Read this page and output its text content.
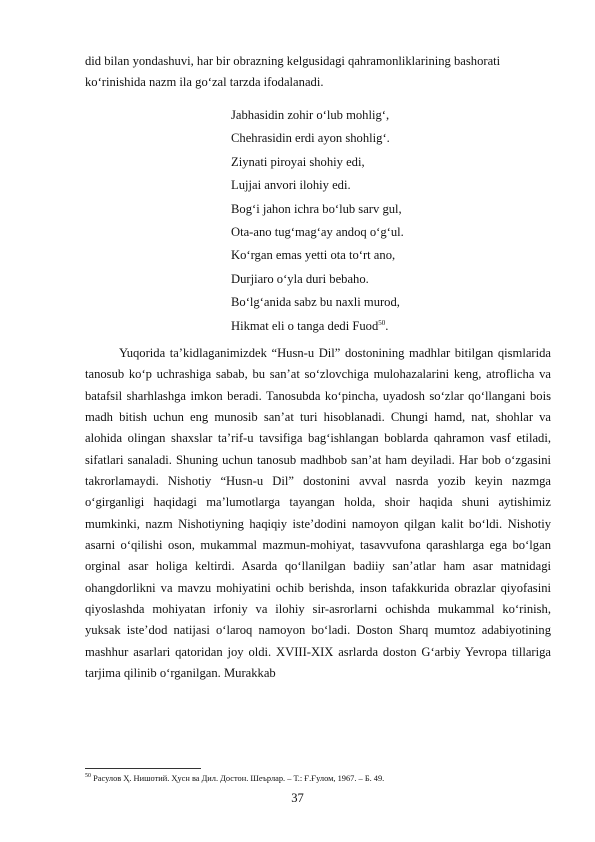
did bilan yondashuvi, har bir obrazning kelgusidagi qahramonliklarining bashorati
koʻrinishida nazm ila goʻzal tarzda ifodalanadi.
Jabhasidin zohir oʻlub mohligʻ,
Chehrasidin erdi ayon shohligʻ.
Ziynati piroyai shohiy edi,
Lujjai anvori ilohiy edi.
Bogʻi jahon ichra boʻlub sarv gul,
Ota-ano tugʻmagʻay andoq oʻgʻul.
Koʻrgan emas yetti ota toʻrt ano,
Durjiaro oʻyla duri bebaho.
Boʻlgʻanida sabz bu naxli murod,
Hikmat eli o tanga dedi Fuod$^{50}$.
Yuqorida ta’kidlaganimizdek “Husn-u Dil” dostonining madhlar bitilgan qismlarida tanosub koʻp uchrashiga sabab, bu san’at soʻzlovchiga mulohazalarini keng, atroflicha va batafsil sharhlashga imkon beradi. Tanosubda koʻpincha, uyadosh soʻzlar qoʻllangani bois madh bitish uchun eng munosib san’at turi hisoblanadi. Chungi hamd, nat, shohlar va alohida olingan shaxslar ta’rif-u tavsifiga bagʻishlangan boblarda qahramon vasf etiladi, sifatlari sanaladi. Shuning uchun tanosub madhbob san’at ham deyiladi. Har bob oʻzgasini takrorlamaydi. Nishotiy “Husn-u Dil” dostonini avval nasrda yozib keyin nazmga oʻgirganligi haqidagi ma’lumotlarga tayangan holda, shoir haqida shuni aytishimiz mumkinki, nazm Nishotiyning haqiqiy iste’dodini namoyon qilgan kalit boʻldi. Nishotiy asarni oʻqilishi oson, mukammal mazmun-mohiyat, tasavvufona qarashlarga ega boʻlgan orginal asar holiga keltirdi. Asarda qoʻllanilgan badiiy san’atlar ham asar matnidagi ohangdorlikni va mavzu mohiyatini ochib berishda, inson tafakkurida obrazlar qiyofasini qiyoslashda mohiyatan irfoniy va ilohiy sir-asrorlarni ochishda mukammal koʻrinish, yuksak iste’dod natijasi oʻlaroq namoyon boʻladi. Doston Sharq mumtoz adabiyotining mashhur asarlari qatoridan joy oldi. XVIII-XIX asrlarda doston Gʻarbiy Yevropa tillariga tarjima qilinib oʻrganilgan. Murakkab
$^{50}$ Расулов Ҳ. Нишотий. Ҳусн ва Дил. Достон. Шеърлар. – Т.: Ғ.Ғулом, 1967. – Б. 49.
37
